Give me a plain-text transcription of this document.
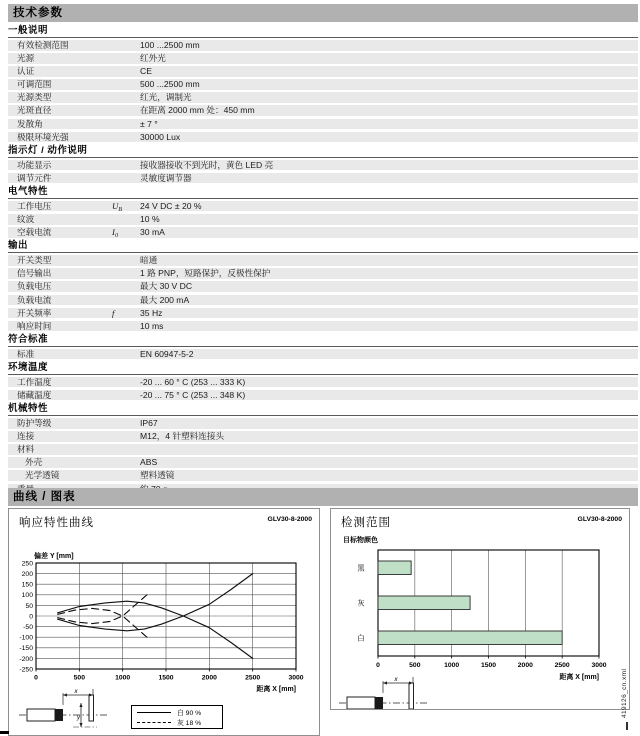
技术参数
一般说明
有效检测范围	100 ...2500 mm
光源	红外光
认证	CE
可调范围	500 ...2500 mm
光源类型	红光，调制光
光斑直径	在距离 2000 mm 处：450 mm
发散角	± 7 °
极限环境光强	30000 Lux
指示灯 / 动作说明
功能显示	接收器接收不到光时，黄色 LED 亮
调节元件	灵敏度调节器
电气特性
工作电压	$U_B$ 24 V DC ± 20 %
纹波	10 %
空载电流	$I_0$	30 mA
输出
开关类型	暗通
信号输出	1 路 PNP，短路保护，反极性保护
负载电压	最大 30 V DC
负载电流	最大 200 mA
开关频率	f	35 Hz
响应时间	10 ms
符合标准
标准	EN 60947-5-2
环境温度
工作温度	-20 ... 60 ° C (253 ... 333 K)
储藏温度	-20 ... 75 ° C (253 ... 348 K)
机械特性
防护等级	IP67
连接	M12，4 针塑料连接头
材料
外壳	ABS
光学透镜	塑料透镜
曲线 / 图表
响应特性曲线	GLV30-8-2000
250
200
150
100
50
0
-50
-100
-150
-200
-250
0	500	1000	1500	2000	2500	3000
偏差 Y [mm]
距离 X [mm]
x
y
白 90 %
灰 18 %
检测范围	GLV30-8-2000
0	500	1000	1500	2000	2500	3000
距离 X [mm]
目标物颜色
黑
灰
白
x	419126_cn.xml
